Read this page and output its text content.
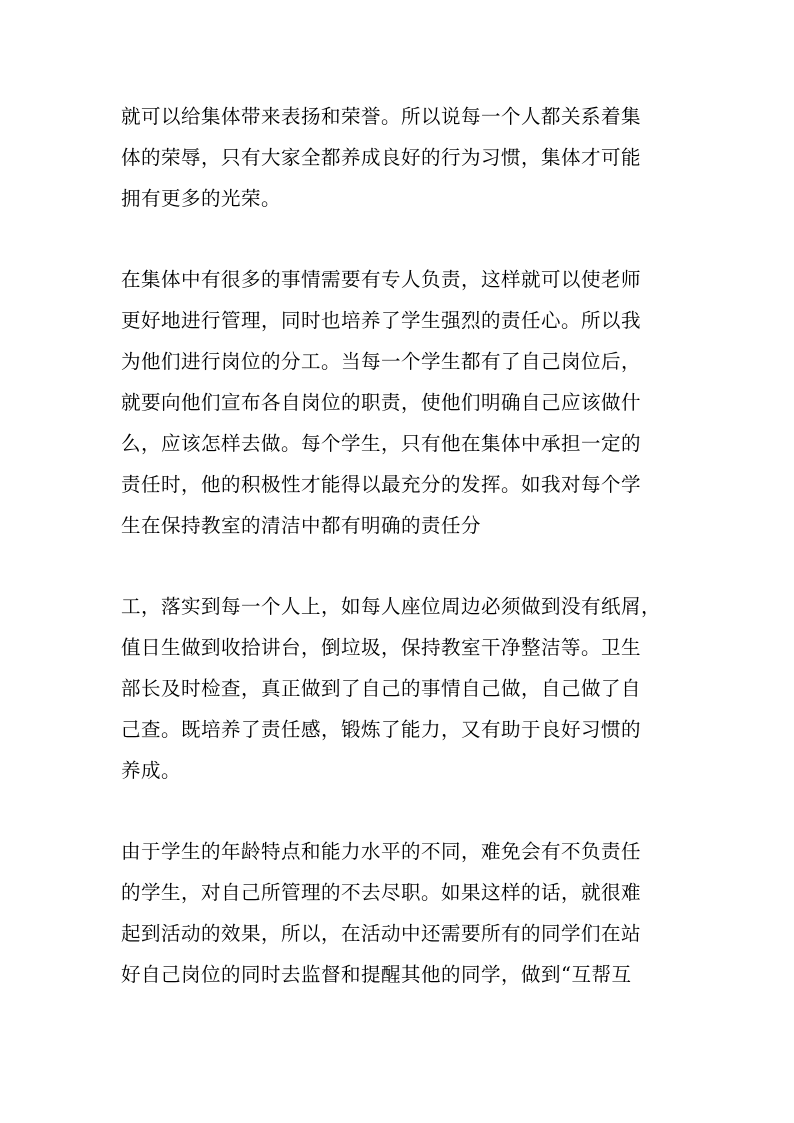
就可以给集体带来表扬和荣誉。所以说每一个人都关系着集
体的荣辱，只有大家全都养成良好的行为习惯，集体才可能
拥有更多的光荣。
在集体中有很多的事情需要有专人负责，这样就可以使老师
更好地进行管理，同时也培养了学生强烈的责任心。所以我
为他们进行岗位的分工。当每一个学生都有了自己岗位后，
就要向他们宣布各自岗位的职责，使他们明确自己应该做什
么，应该怎样去做。每个学生，只有他在集体中承担一定的
责任时，他的积极性才能得以最充分的发挥。如我对每个学
生在保持教室的清洁中都有明确的责任分
工，落实到每一个人上，如每人座位周边必须做到没有纸屑，
值日生做到收拾讲台，倒垃圾，保持教室干净整洁等。卫生
部长及时检查，真正做到了自己的事情自己做，自己做了自
己查。既培养了责任感，锻炼了能力，又有助于良好习惯的
养成。
由于学生的年龄特点和能力水平的不同，难免会有不负责任
的学生，对自己所管理的不去尽职。如果这样的话，就很难
起到活动的效果，所以，在活动中还需要所有的同学们在站
好自己岗位的同时去监督和提醒其他的同学，做到“互帮互
